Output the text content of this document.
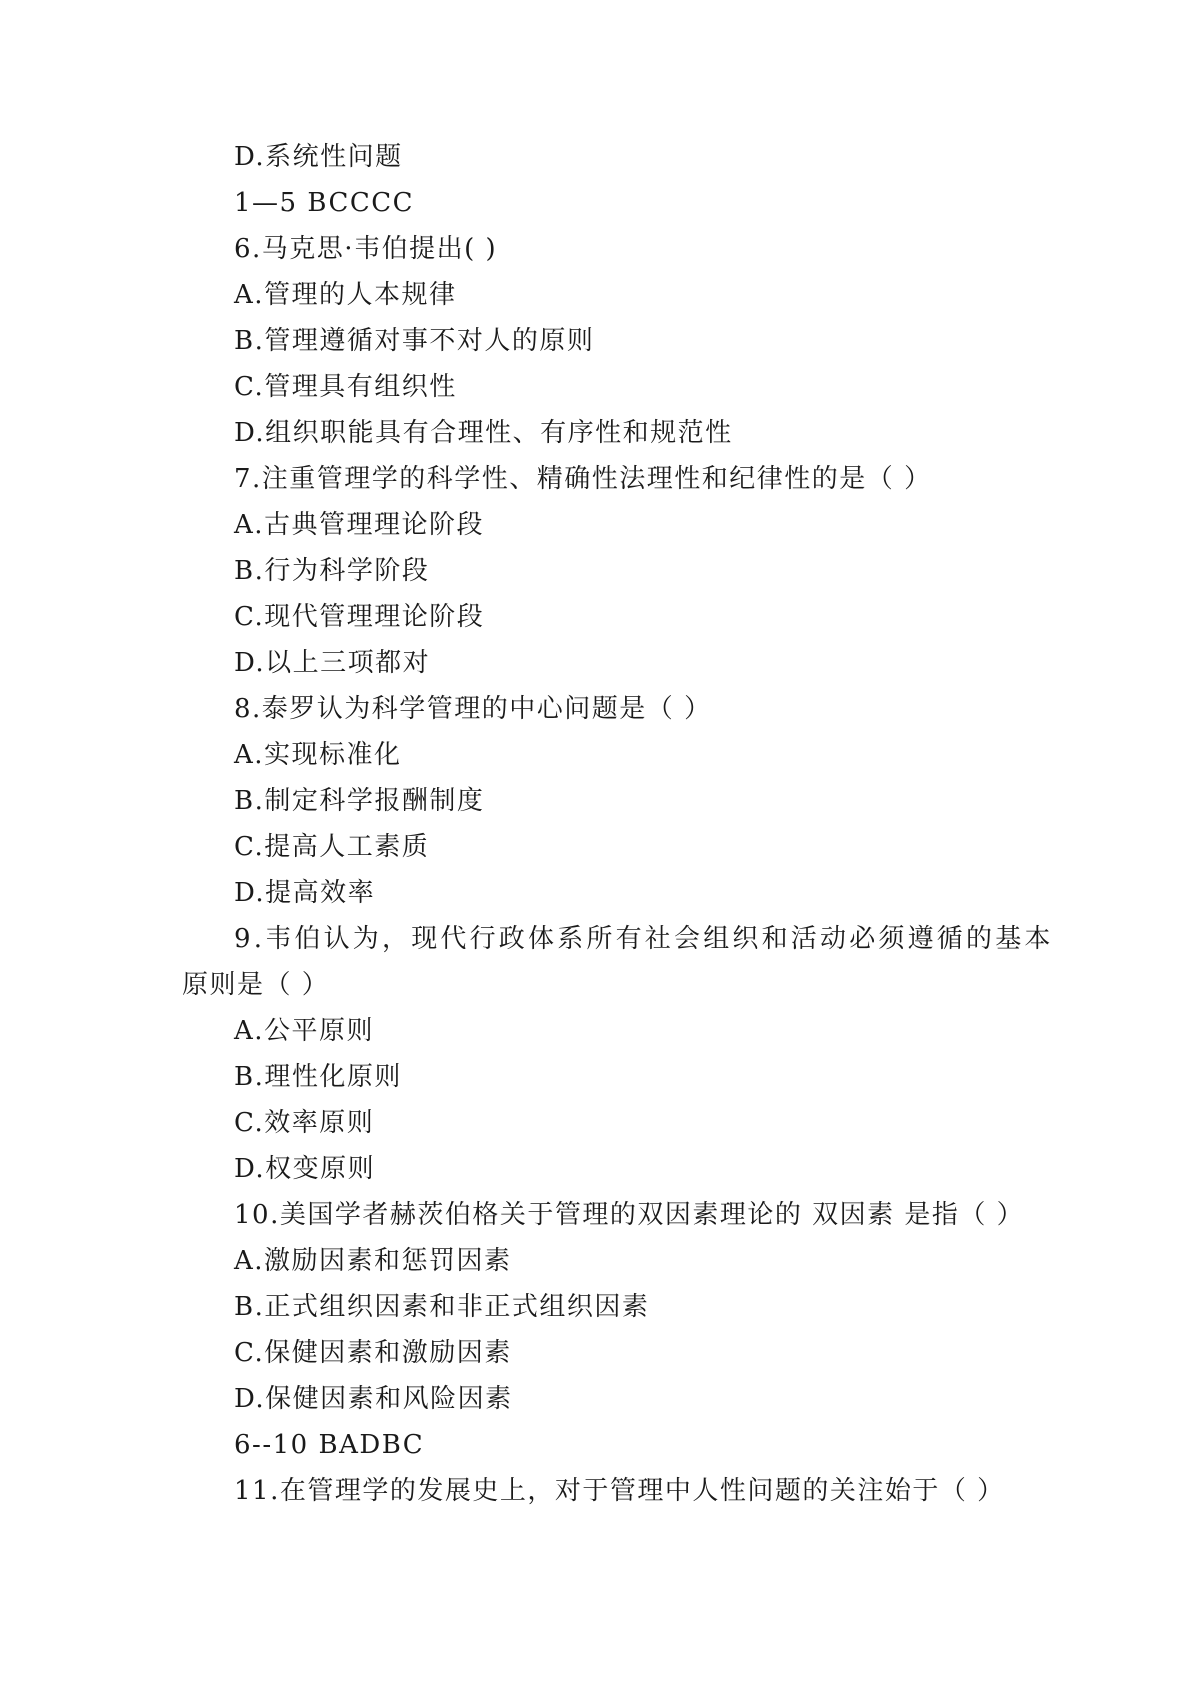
D.系统性问题
1—5 BCCCC
6.马克思·韦伯提出( )
A.管理的人本规律
B.管理遵循对事不对人的原则
C.管理具有组织性
D.组织职能具有合理性、有序性和规范性
7.注重管理学的科学性、精确性法理性和纪律性的是（ ）
A.古典管理理论阶段
B.行为科学阶段
C.现代管理理论阶段
D.以上三项都对
8.泰罗认为科学管理的中心问题是（ ）
A.实现标准化
B.制定科学报酬制度
C.提高人工素质
D.提高效率
9.韦伯认为，现代行政体系所有社会组织和活动必须遵循的基本
原则是（ ）
A.公平原则
B.理性化原则
C.效率原则
D.权变原则
10.美国学者赫茨伯格关于管理的双因素理论的 双因素 是指（ ）
A.激励因素和惩罚因素
B.正式组织因素和非正式组织因素
C.保健因素和激励因素
D.保健因素和风险因素
6--10 BADBC
11.在管理学的发展史上，对于管理中人性问题的关注始于（ ）
